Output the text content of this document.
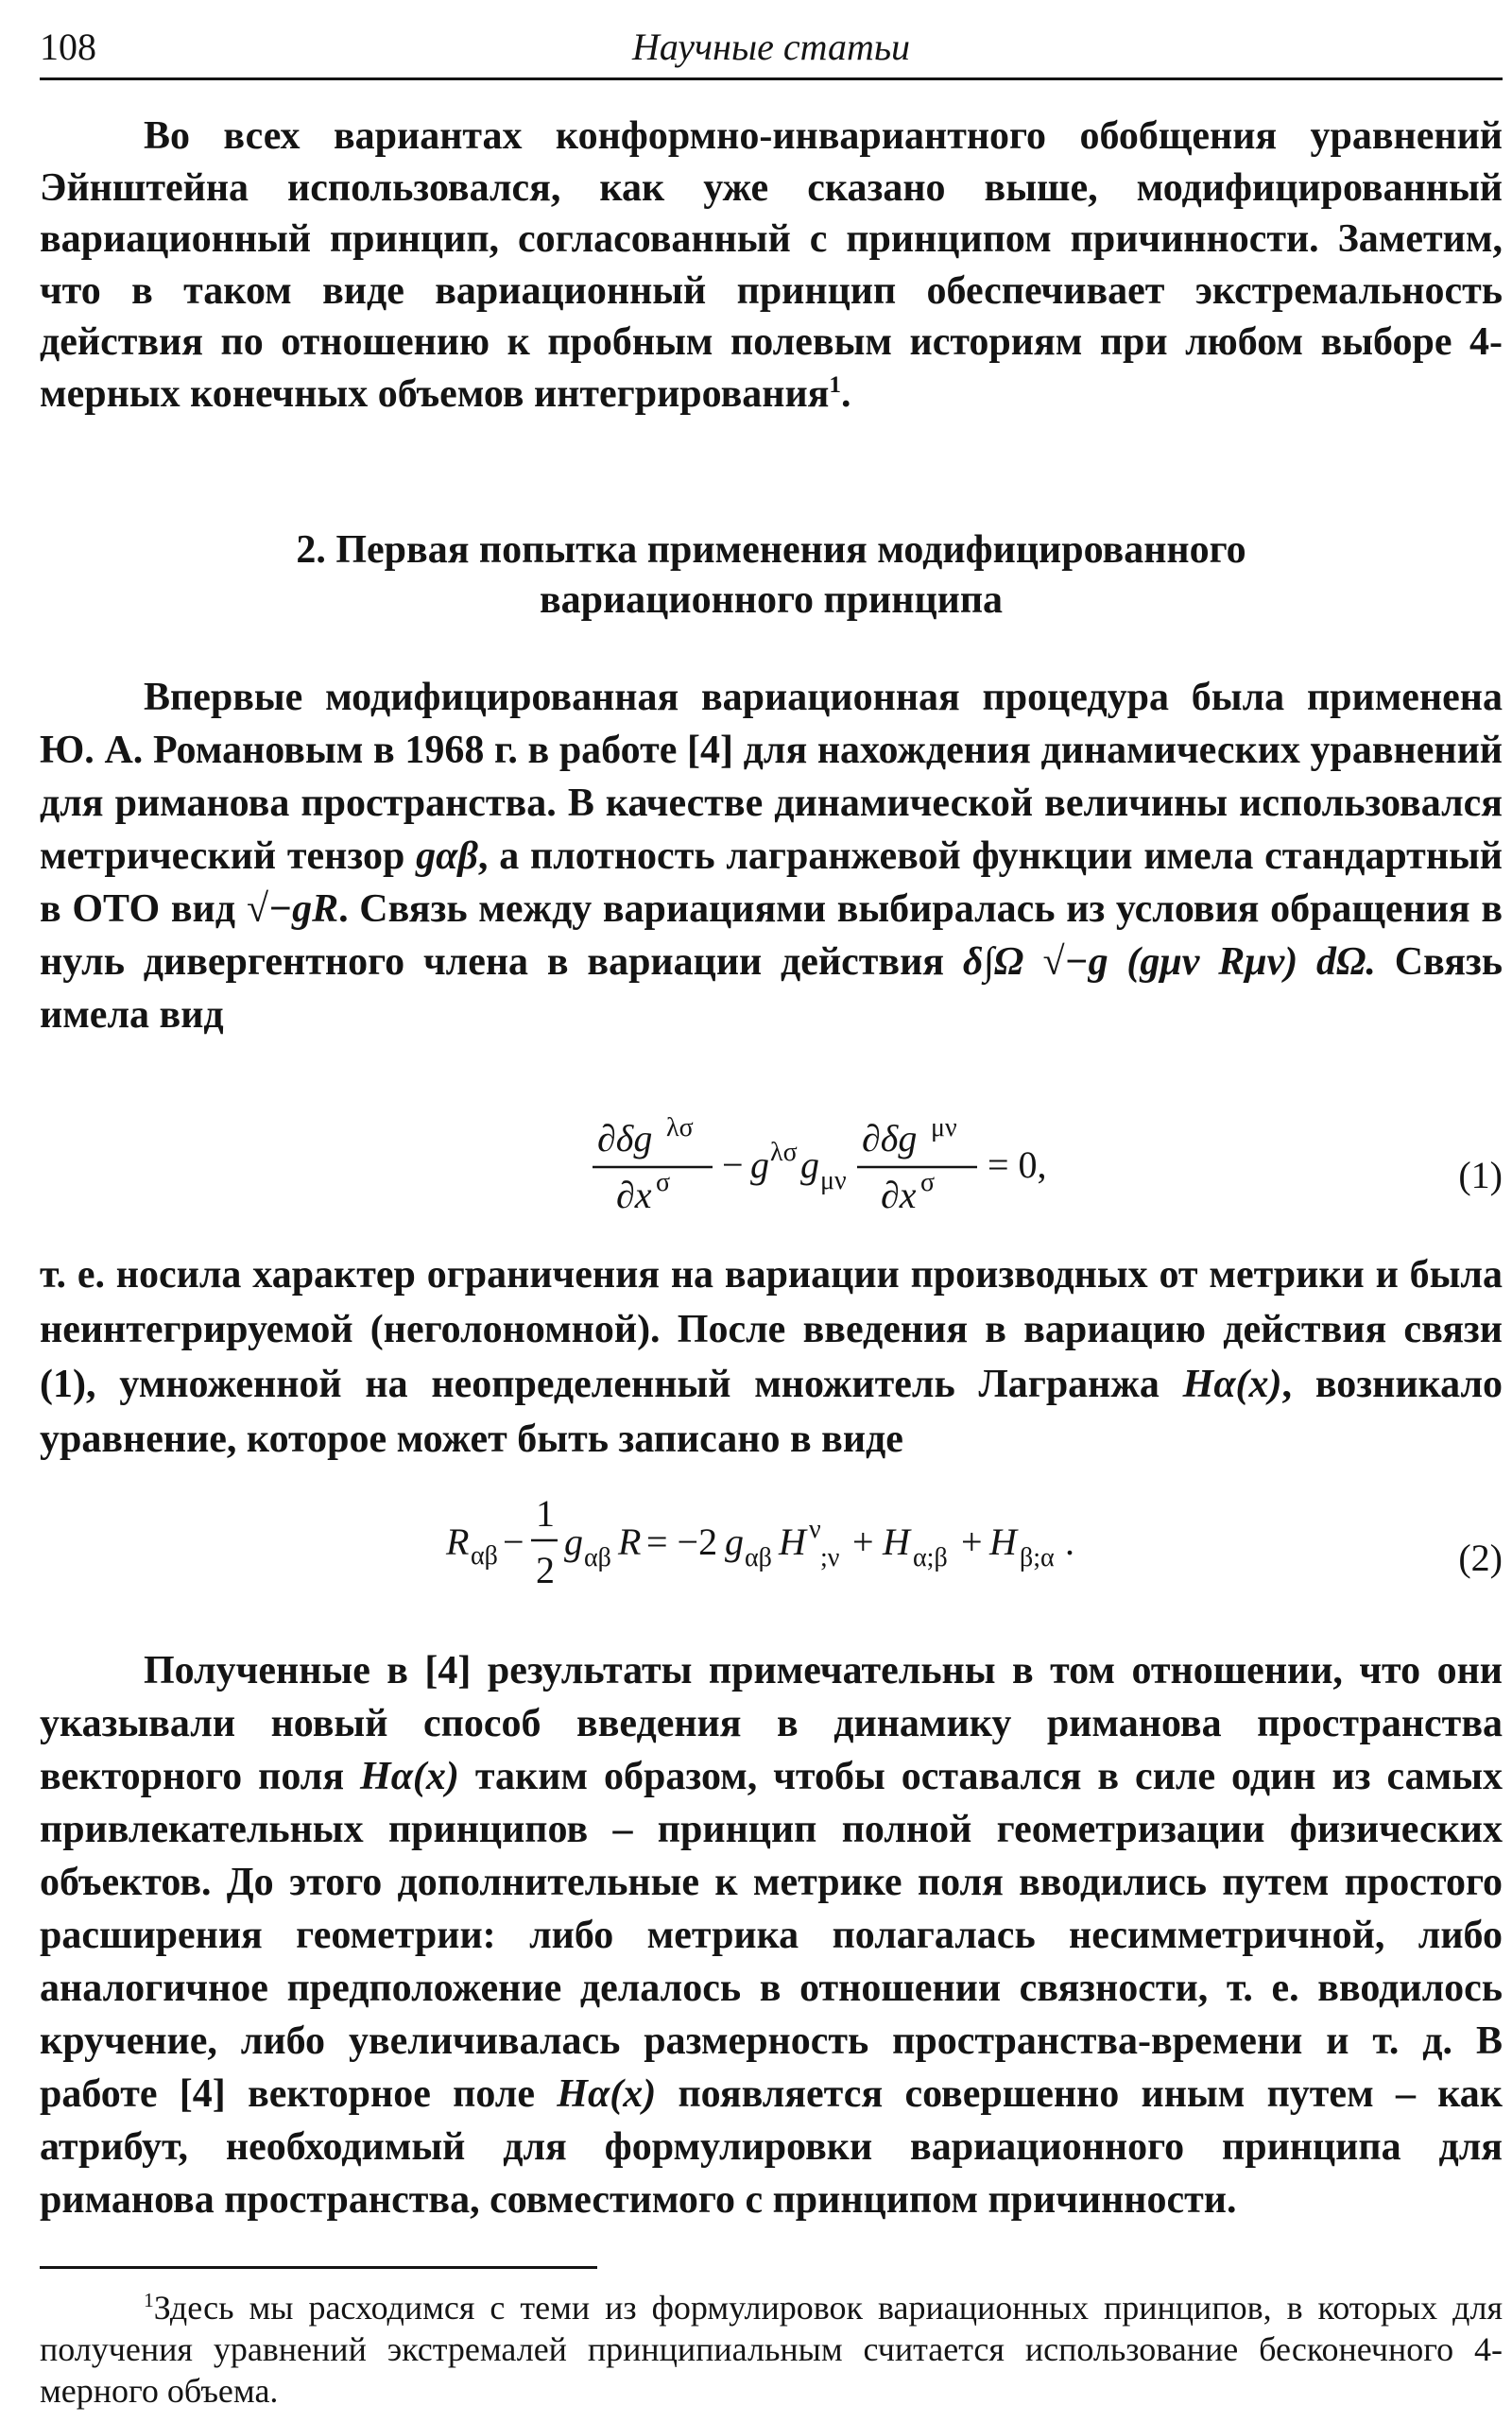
108	Научные статьи

Во всех вариантах конформно-инвариантного обобщения уравнений Эйнштейна использовался, как уже сказано выше, модифицированный вариационный принцип, согласованный с принципом причинности. Заметим, что в таком виде вариационный принцип обеспечивает экстремальность действия по отношению к пробным полевым историям при любом выборе 4-мерных конечных объемов интегрирования$^1$.

2. Первая попытка применения модифицированного
вариационного принципа

Впервые модифицированная вариационная процедура была применена Ю. А. Романовым в 1968 г. в работе [4] для нахождения динамических уравнений для риманова пространства. В качестве динамической величины использовался метрический тензор gαβ, а плотность лагранжевой функции имела стандартный в ОТО вид √−gR. Связь между вариациями выбиралась из условия обращения в нуль дивергентного члена в вариации действия δ∫Ω √−g (gμν Rμν) dΩ. Связь имела вид

∂δg λσ
∂x σ − g λσ g μν
∂δg μν
∂x σ = 0,	(1)

т. е. носила характер ограничения на вариации производных от метрики и была неинтегрируемой (неголономной). После введения в вариацию действия связи (1), умноженной на неопределенный множитель Лагранжа Hα(x), возникало уравнение, которое может быть записано в виде

R αβ −
1
2
g αβ R = −2 g αβ H ν
;ν + H α;β + H β;α .	(2)

Полученные в [4] результаты примечательны в том отношении, что они указывали новый способ введения в динамику риманова пространства векторного поля Hα(x) таким образом, чтобы оставался в силе один из самых привлекательных принципов – принцип полной геометризации физических объектов. До этого дополнительные к метрике поля вводились путем простого расширения геометрии: либо метрика полагалась несимметричной, либо аналогичное предположение делалось в отношении связности, т. е. вводилось кручение, либо увеличивалась размерность пространства-времени и т. д. В работе [4] векторное поле Hα(x) появляется совершенно иным путем – как атрибут, необходимый для формулировки вариационного принципа для риманова пространства, совместимого с принципом причинности.

$^1$Здесь мы расходимся с теми из формулировок вариационных принципов, в которых для получения уравнений экстремалей принципиальным считается использование бесконечного 4-мерного объема.
